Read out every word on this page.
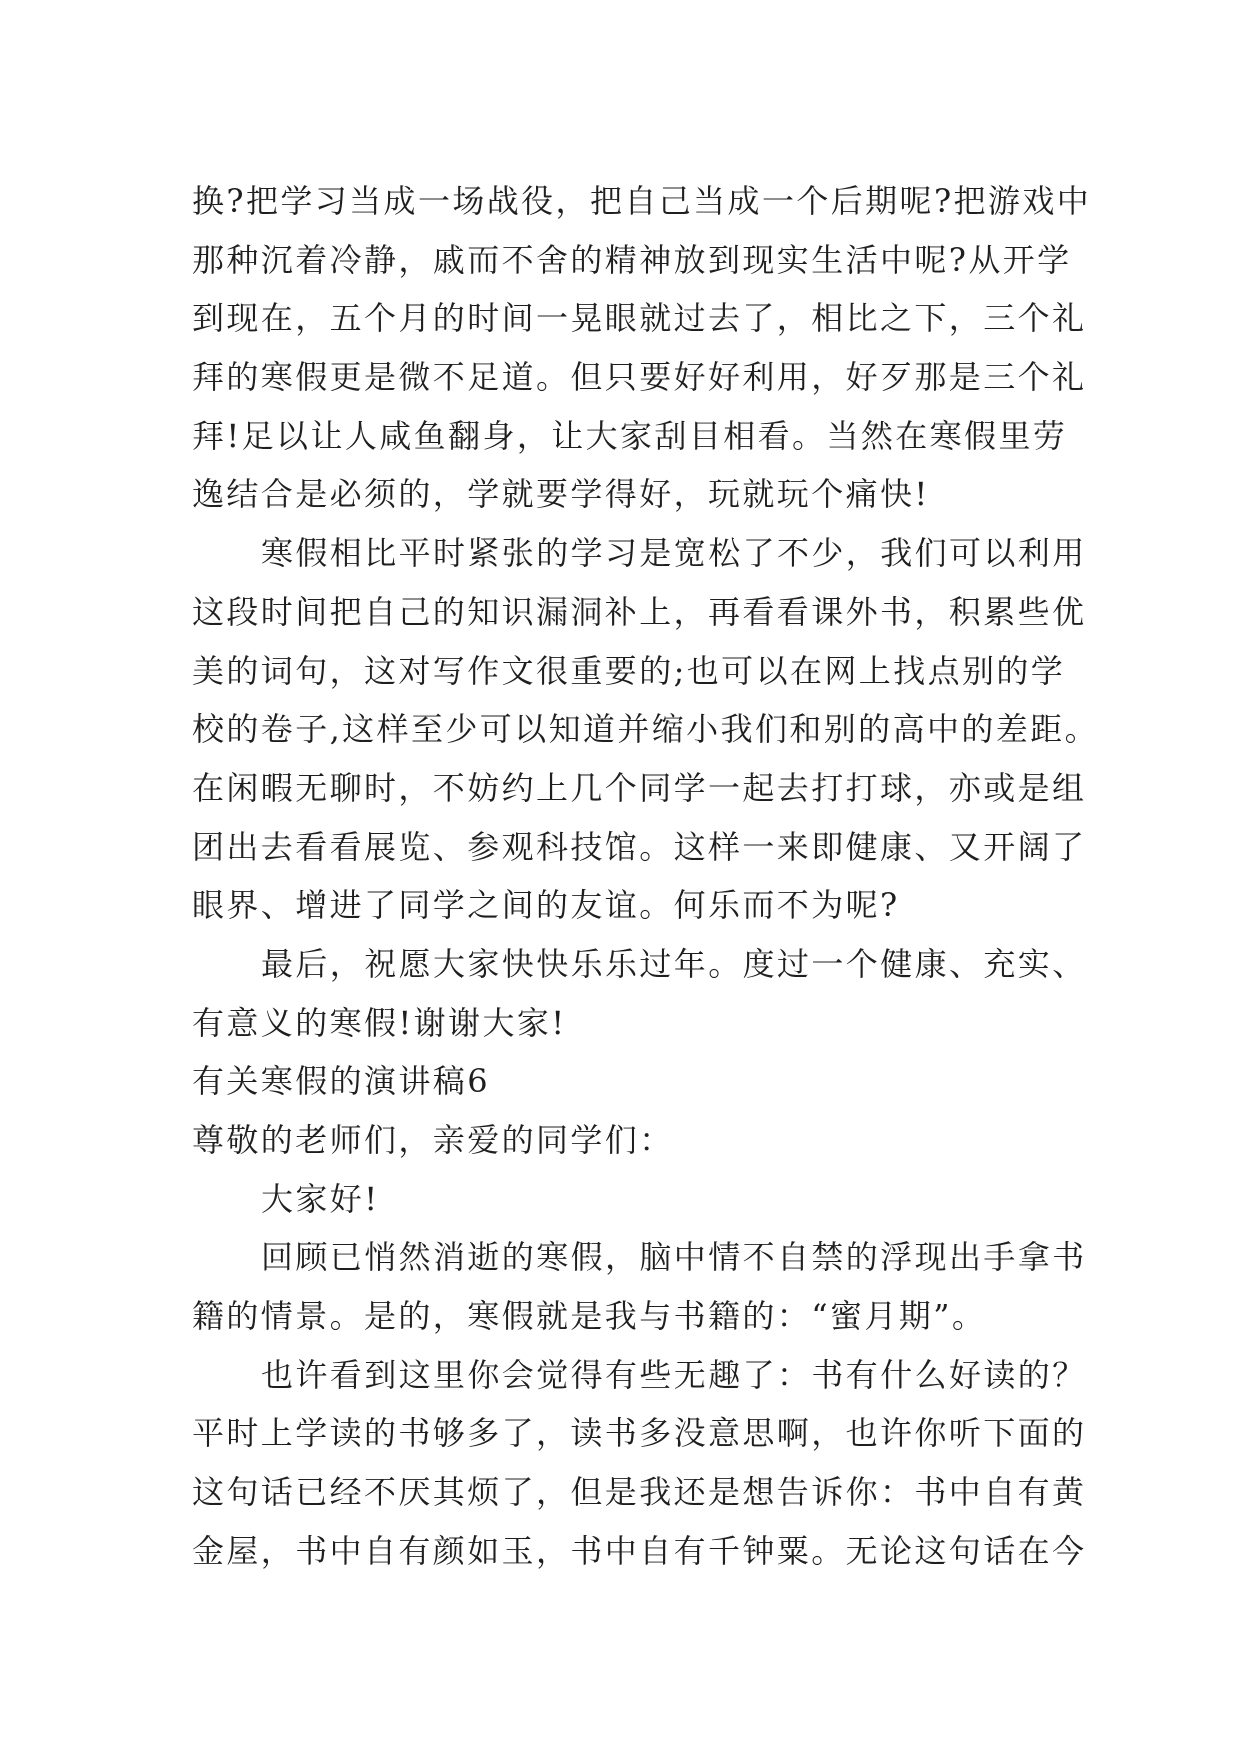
换?把学习当成一场战役，把自己当成一个后期呢?把游戏中
那种沉着冷静，戚而不舍的精神放到现实生活中呢?从开学
到现在，五个月的时间一晃眼就过去了，相比之下，三个礼
拜的寒假更是微不足道。但只要好好利用，好歹那是三个礼
拜!足以让人咸鱼翻身，让大家刮目相看。当然在寒假里劳
逸结合是必须的，学就要学得好，玩就玩个痛快!
寒假相比平时紧张的学习是宽松了不少，我们可以利用
这段时间把自己的知识漏洞补上，再看看课外书，积累些优
美的词句，这对写作文很重要的;也可以在网上找点别的学
校的卷子,这样至少可以知道并缩小我们和别的高中的差距。
在闲暇无聊时，不妨约上几个同学一起去打打球，亦或是组
团出去看看展览、参观科技馆。这样一来即健康、又开阔了
眼界、增进了同学之间的友谊。何乐而不为呢?
最后，祝愿大家快快乐乐过年。度过一个健康、充实、
有意义的寒假!谢谢大家!
有关寒假的演讲稿6
尊敬的老师们，亲爱的同学们：
大家好!
回顾已悄然消逝的寒假，脑中情不自禁的浮现出手拿书
籍的情景。是的，寒假就是我与书籍的：“蜜月期”。
也许看到这里你会觉得有些无趣了：书有什么好读的？
平时上学读的书够多了，读书多没意思啊，也许你听下面的
这句话已经不厌其烦了，但是我还是想告诉你：书中自有黄
金屋，书中自有颜如玉，书中自有千钟粟。无论这句话在今
